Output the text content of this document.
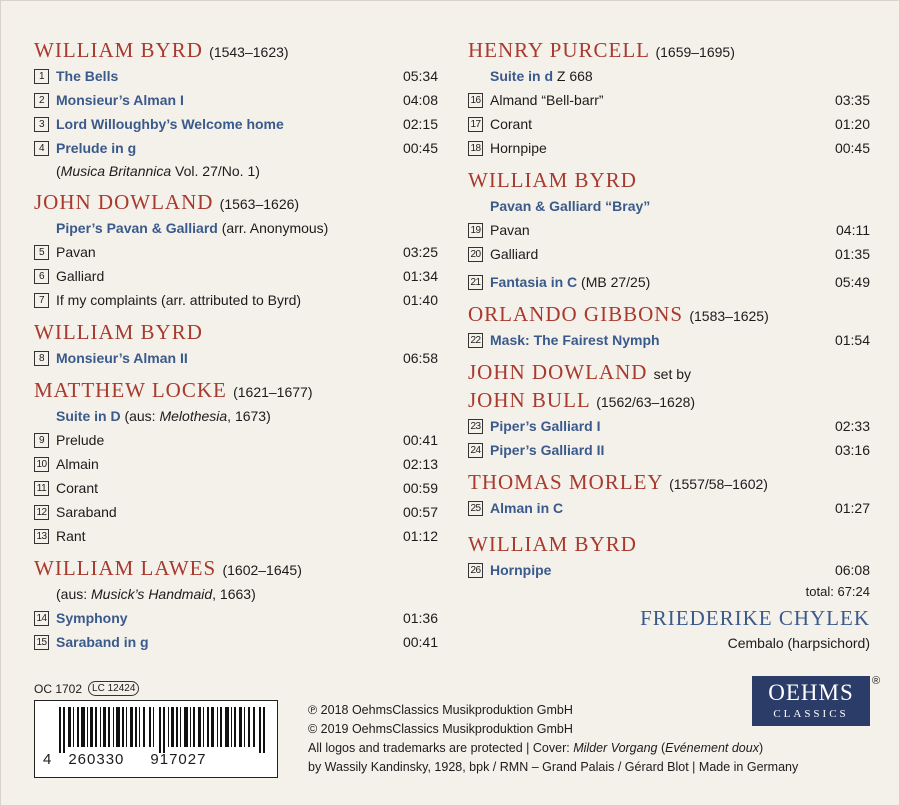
WILLIAM BYRD (1543–1623)
1 The Bells	05:34
2 Monsieur’s Alman I	04:08
3 Lord Willoughby’s Welcome home	02:15
4 Prelude in g	00:45
(Musica Britannica Vol. 27/No. 1)
JOHN DOWLAND (1563–1626)
Piper’s Pavan & Galliard (arr. Anonymous)
5 Pavan	03:25
6 Galliard	01:34
7 If my complaints (arr. attributed to Byrd)	01:40
WILLIAM BYRD
8 Monsieur’s Alman II	06:58
MATTHEW LOCKE (1621–1677)
Suite in D (aus: Melothesia, 1673)
9 Prelude	00:41
10 Almain	02:13
11 Corant	00:59
12 Saraband	00:57
13 Rant	01:12
WILLIAM LAWES (1602–1645)
(aus: Musick’s Handmaid, 1663)
14 Symphony	01:36
15 Saraband in g	00:41
HENRY PURCELL (1659–1695)
Suite in d Z 668
16 Almand “Bell-barr”	03:35
17 Corant	01:20
18 Hornpipe	00:45
WILLIAM BYRD
Pavan & Galliard “Bray”
19 Pavan	04:11
20 Galliard	01:35
21 Fantasia in C (MB 27/25)	05:49
ORLANDO GIBBONS (1583–1625)
22 Mask: The Fairest Nymph	01:54
JOHN DOWLAND set by
JOHN BULL (1562/63–1628)
23 Piper’s Galliard I	02:33
24 Piper’s Galliard II	03:16
THOMAS MORLEY (1557/58–1602)
25 Alman in C	01:27
WILLIAM BYRD
26 Hornpipe	06:08
total: 67:24
FRIEDERIKE CHYLEK
Cembalo (harpsichord)
OC 1702	LC 12424
4 260330 917027
℗ 2018 OehmsClassics Musikproduktion GmbH
© 2019 OehmsClassics Musikproduktion GmbH
All logos and trademarks are protected | Cover: Milder Vorgang (Evénement doux)
by Wassily Kandinsky, 1928, bpk / RMN – Grand Palais / Gérard Blot | Made in Germany
OEHMS
CLASSICS
®
